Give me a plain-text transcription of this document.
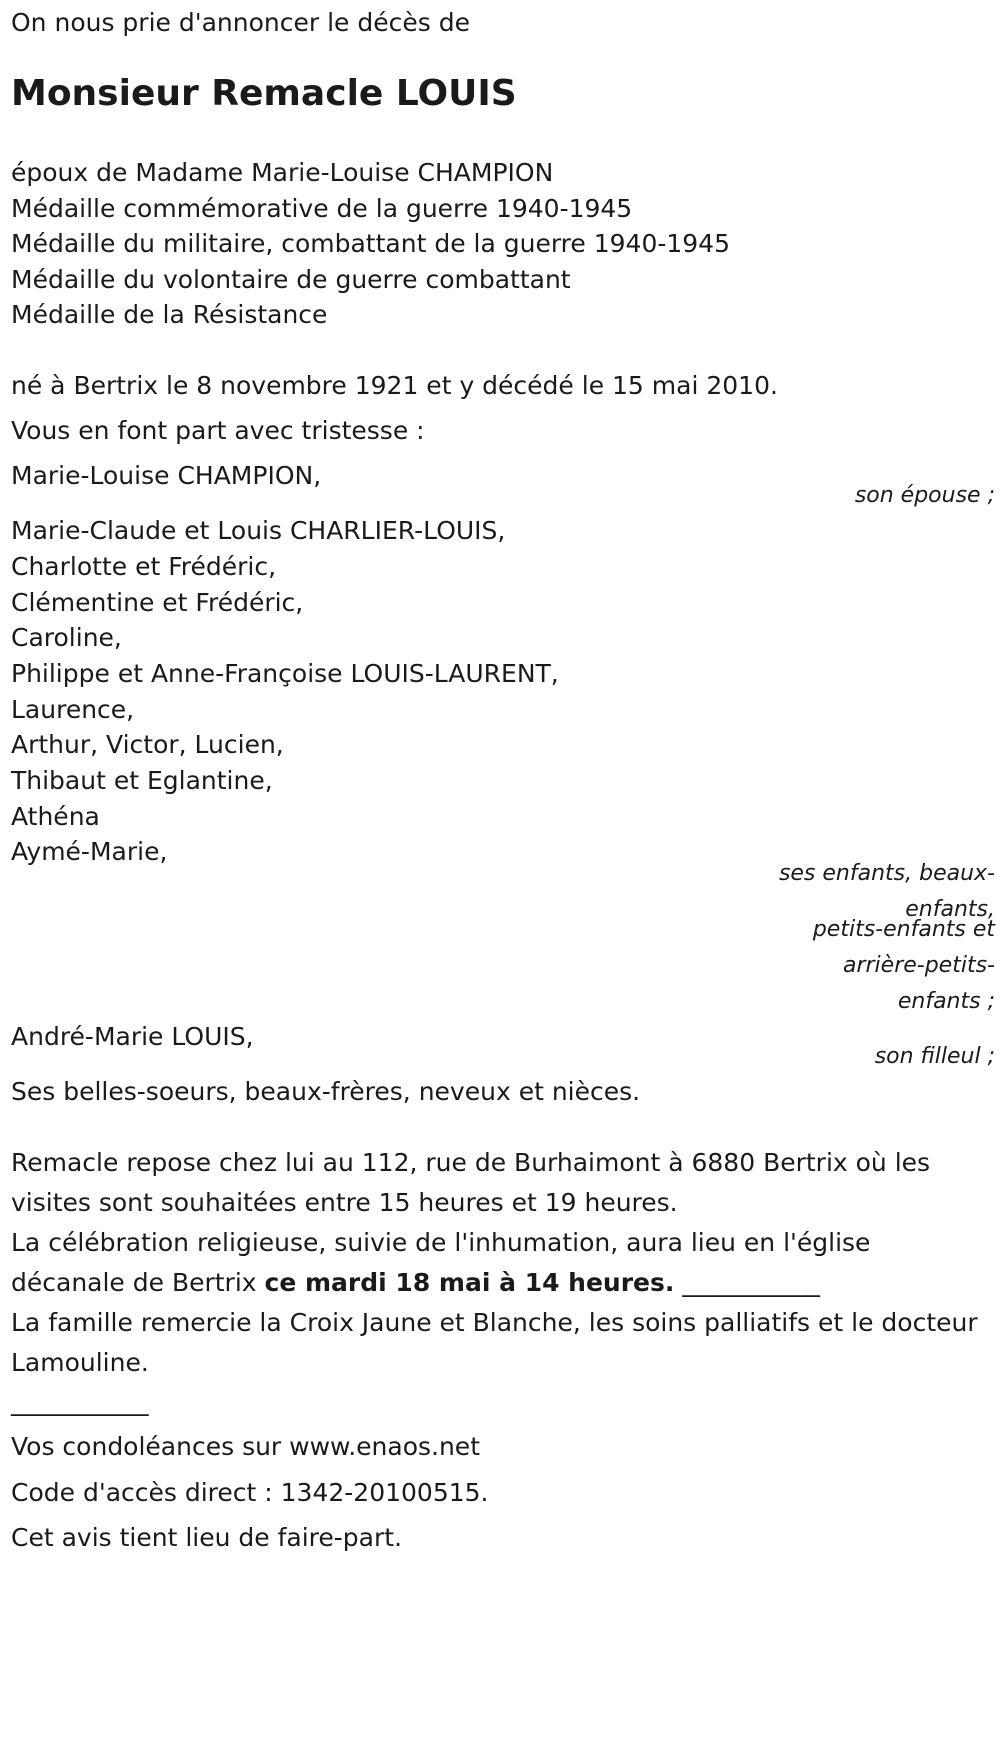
On nous prie d'annoncer le décès de
Monsieur Remacle LOUIS
époux de Madame Marie-Louise CHAMPION
Médaille commémorative de la guerre 1940-1945
Médaille du militaire, combattant de la guerre 1940-1945
Médaille du volontaire de guerre combattant
Médaille de la Résistance
né à Bertrix le 8 novembre 1921 et y décédé le 15 mai 2010.
Vous en font part avec tristesse :
Marie-Louise CHAMPION,
son épouse ;
Marie-Claude et Louis CHARLIER-LOUIS,
Charlotte et Frédéric,
Clémentine et Frédéric,
Caroline,
Philippe et Anne-Françoise LOUIS-LAURENT,
Laurence,
Arthur, Victor, Lucien,
Thibaut et Eglantine,
Athéna
Aymé-Marie,
ses enfants, beaux-
enfants,
petits-enfants et
arrière-petits-
enfants ;
André-Marie LOUIS,
son filleul ;
Ses belles-soeurs, beaux-frères, neveux et nièces.
Remacle repose chez lui au 112, rue de Burhaimont à 6880 Bertrix où les visites sont souhaitées entre 15 heures et 19 heures.
La célébration religieuse, suivie de l'inhumation, aura lieu en l'église décanale de Bertrix ce mardi 18 mai à 14 heures. ___________
La famille remercie la Croix Jaune et Blanche, les soins palliatifs et le docteur Lamouline.
___________
Vos condoléances sur www.enaos.net
Code d'accès direct : 1342-20100515.
Cet avis tient lieu de faire-part.
